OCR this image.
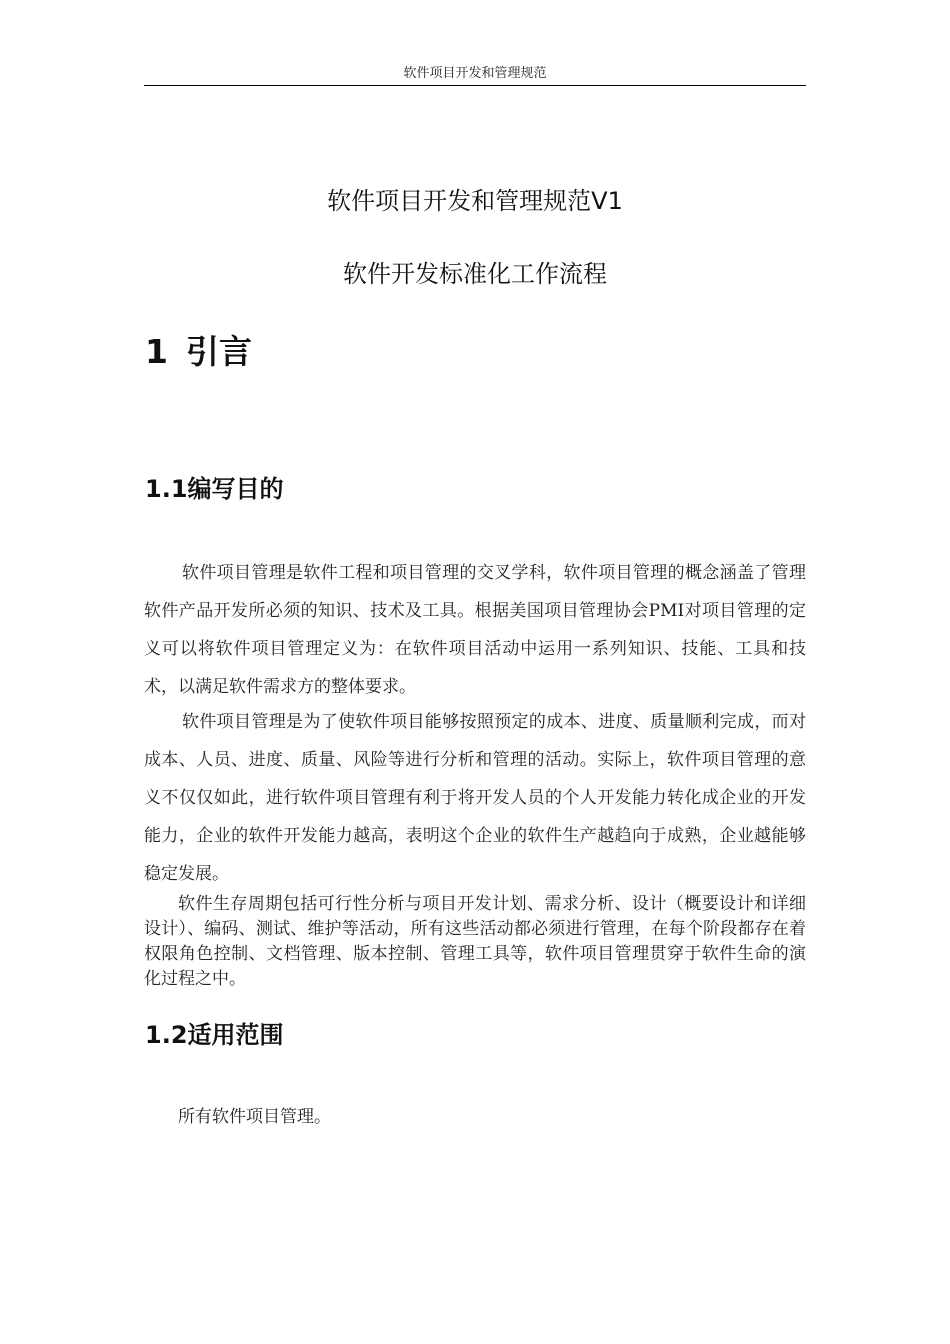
软件项目开发和管理规范
软件项目开发和管理规范V1
软件开发标准化工作流程
1 引言
1.1编写目的

软件项目管理是软件工程和项目管理的交叉学科，软件项目管理的概念涵盖了管理软件产品开发所必须的知识、技术及工具。根据美国项目管理协会PMI对项目管理的定义可以将软件项目管理定义为：在软件项目活动中运用一系列知识、技能、工具和技术，以满足软件需求方的整体要求。

软件项目管理是为了使软件项目能够按照预定的成本、进度、质量顺利完成，而对成本、人员、进度、质量、风险等进行分析和管理的活动。实际上，软件项目管理的意义不仅仅如此，进行软件项目管理有利于将开发人员的个人开发能力转化成企业的开发能力，企业的软件开发能力越高，表明这个企业的软件生产越趋向于成熟，企业越能够稳定发展。

软件生存周期包括可行性分析与项目开发计划、需求分析、设计（概要设计和详细设计）、编码、测试、维护等活动，所有这些活动都必须进行管理，在每个阶段都存在着权限角色控制、文档管理、版本控制、管理工具等，软件项目管理贯穿于软件生命的演化过程之中。

1.2适用范围

所有软件项目管理。
